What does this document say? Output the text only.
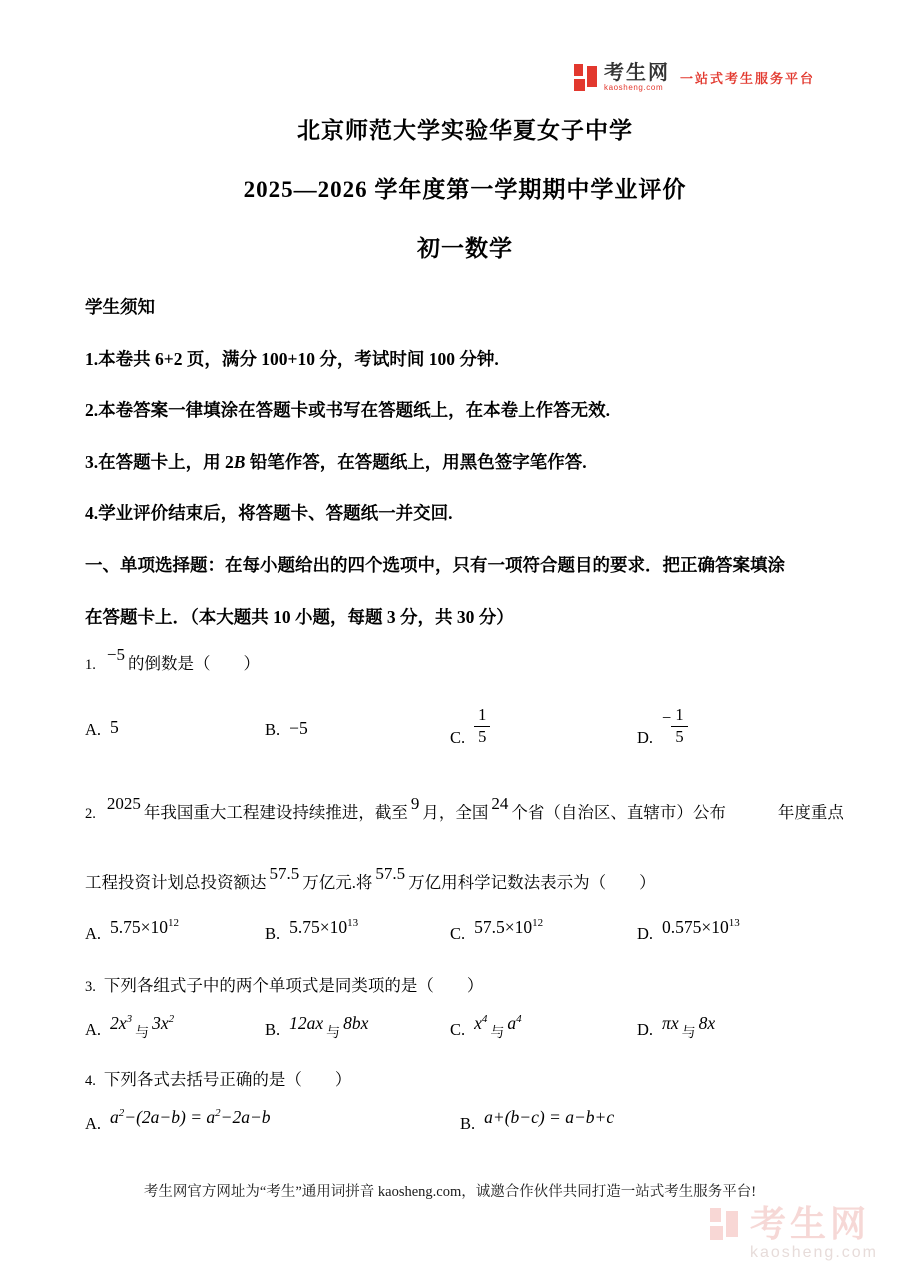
考生网
kaosheng.com
一站式考生服务平台
北京师范大学实验华夏女子中学
2025—2026 学年度第一学期期中学业评价
初一数学

学生须知

1.本卷共 6+2 页，满分 100+10 分，考试时间 100 分钟.

2.本卷答案一律填涂在答题卡或书写在答题纸上，在本卷上作答无效.

3.在答题卡上，用 2B 铅笔作答，在答题纸上，用黑色签字笔作答.

4.学业评价结束后，将答题卡、答题纸一并交回.

一、单项选择题：在每小题给出的四个选项中，只有一项符合题目的要求．把正确答案填涂

在答题卡上．（本大题共 10 小题，每题 3 分，共 30 分）

1.−5 的倒数是（　　）
A. 5	B. −5	C. $\frac{1}{5}$	$D.- \frac{1}{5}$
2.2025 年我国重大工程建设持续推进，截至 9 月，全国 24 个省（自治区、直辖市）公布	年度重点
工程投资计划总投资额达 57.5 万亿元.将 57.5 万亿用科学记数法表示为（　　）
A. $5.75\times 10^{12}$
B. $5.75\times 10^{13}$
C. $57.5\times 10^{12}$
D. $0.575\times 10^{13}$
3. 下列各组式子中的两个单项式是同类项的是（　　）
A. $2x^3$与$3x^2$
B. 12ax与8bx	C. $x^4$与$a^4$
D. πx与8x
4. 下列各式去括号正确的是（　　）
A. $a^2-(2a-b) = a^2-2a-b$	B. a+(b−c) = a−b+c
考生网官方网址为“考生”通用词拼音 kaosheng.com，诚邀合作伙伴共同打造一站式考生服务平台!
考生网
kaosheng.com
